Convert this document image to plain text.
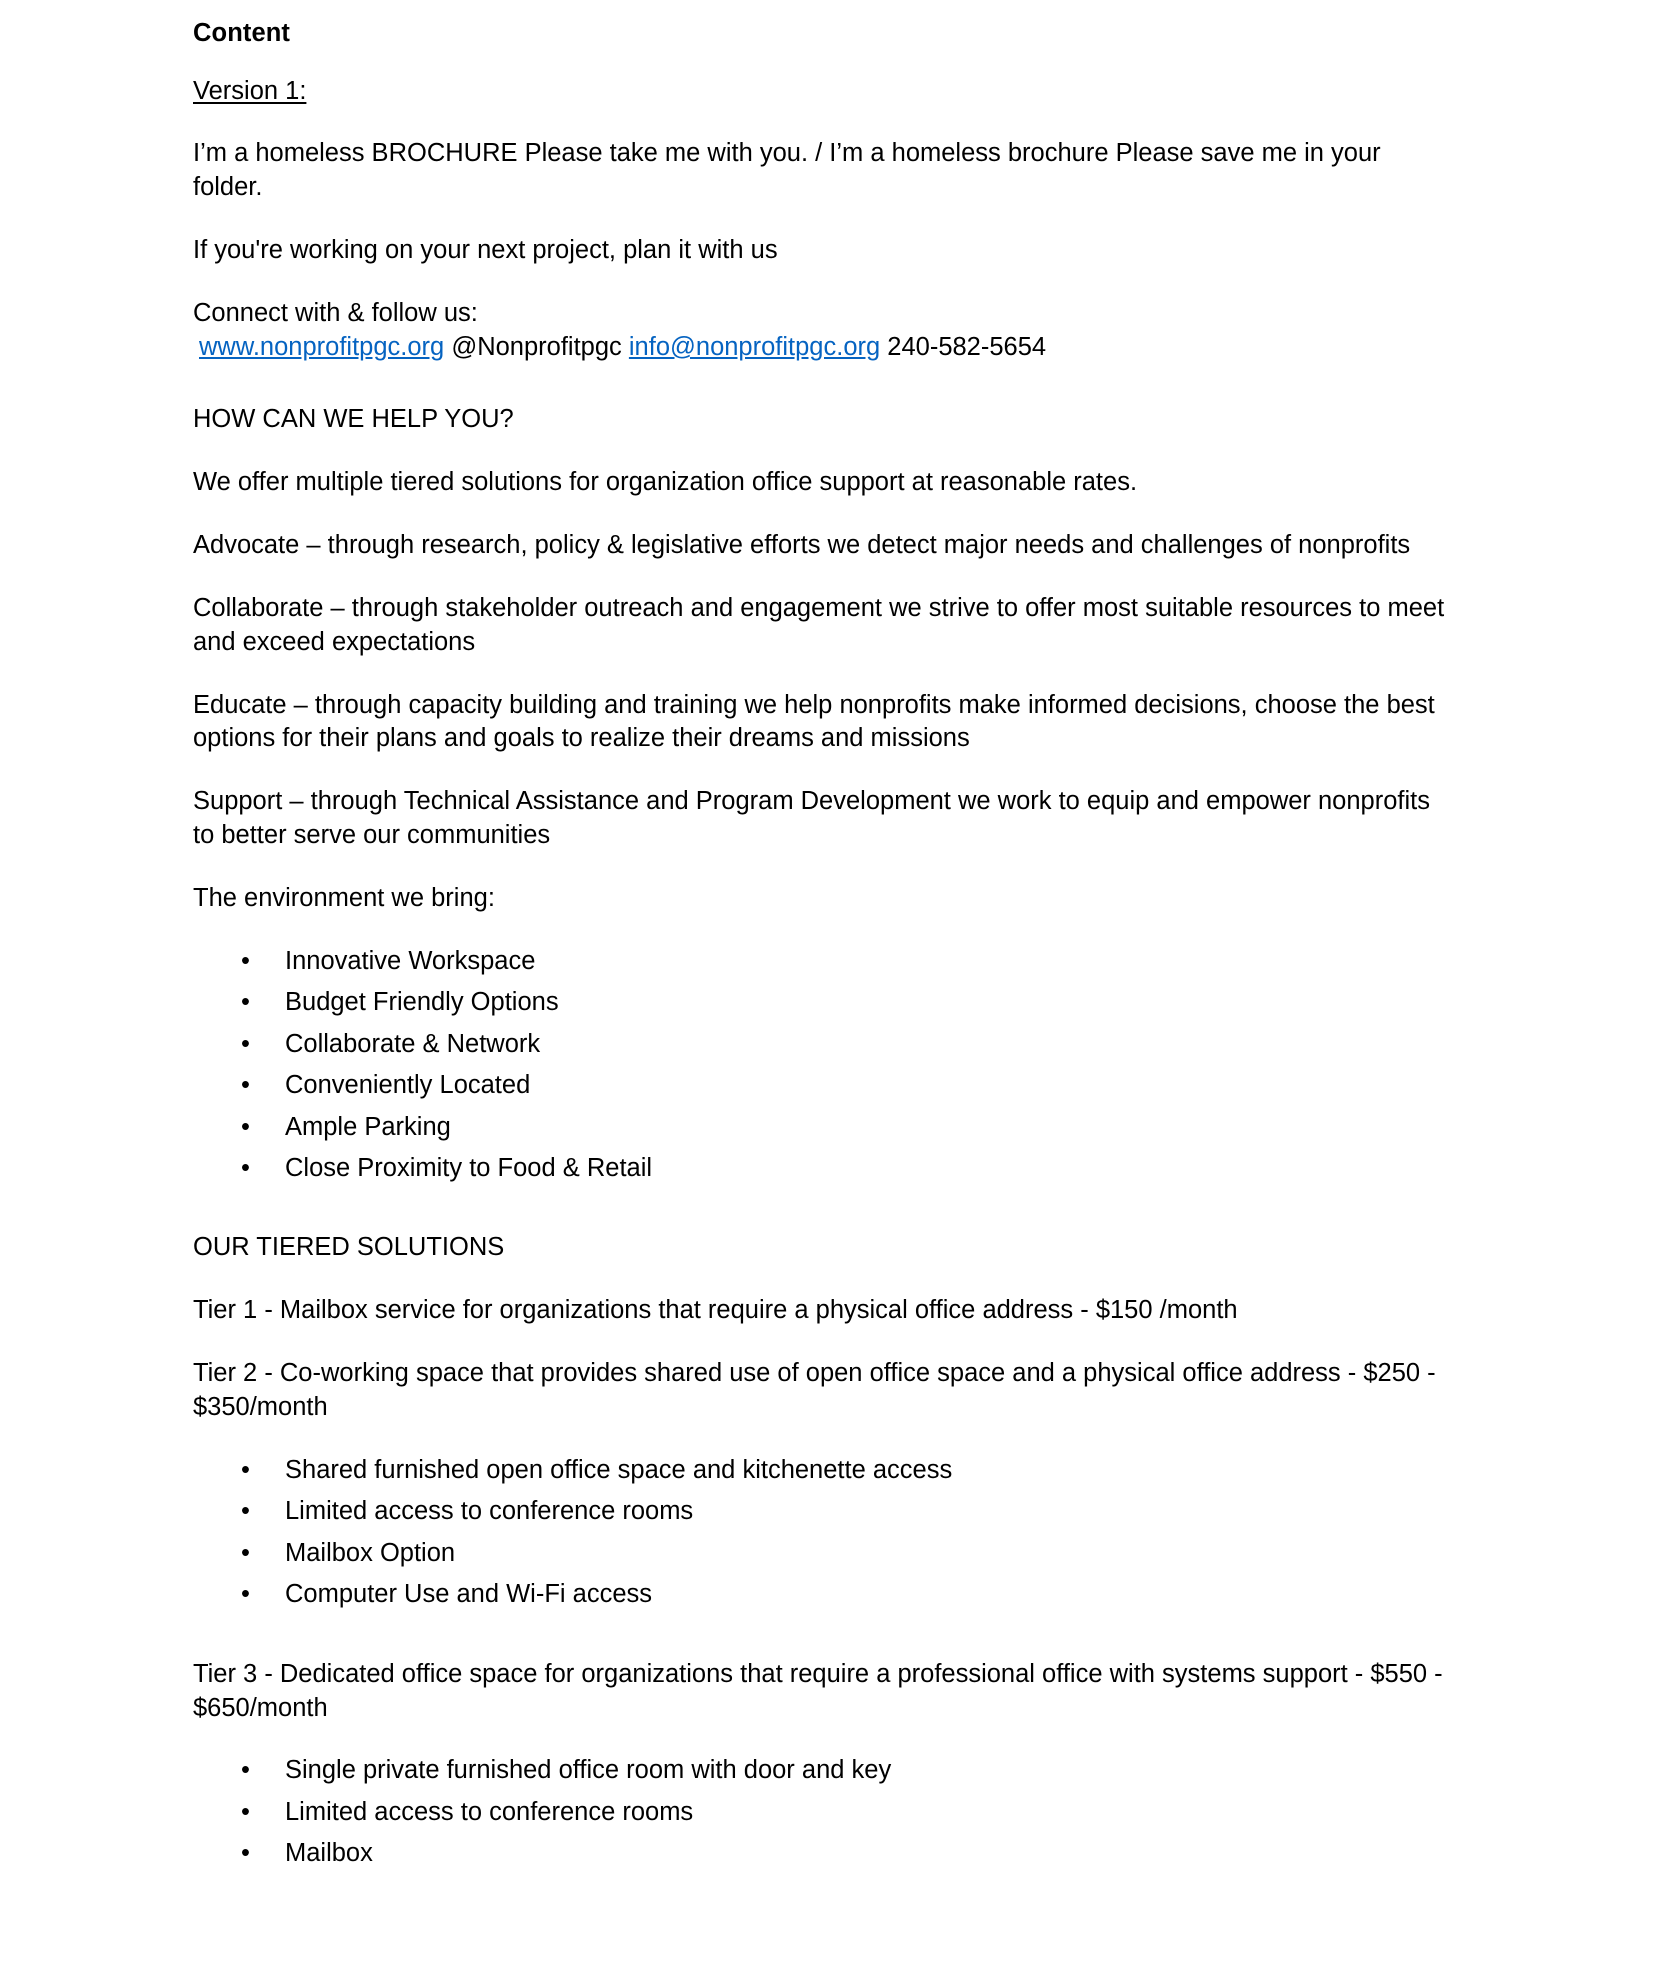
Content
Version 1:

I’m a homeless BROCHURE Please take me with you. / I’m a homeless brochure Please save me in your folder.

If you're working on your next project, plan it with us

Connect with & follow us:

www.nonprofitpgc.org @Nonprofitpgc info@nonprofitpgc.org 240-582-5654
HOW CAN WE HELP YOU?

We offer multiple tiered solutions for organization office support at reasonable rates.

Advocate – through research, policy & legislative efforts we detect major needs and challenges of nonprofits

Collaborate – through stakeholder outreach and engagement we strive to offer most suitable resources to meet and exceed expectations

Educate – through capacity building and training we help nonprofits make informed decisions, choose the best options for their plans and goals to realize their dreams and missions

Support – through Technical Assistance and Program Development we work to equip and empower nonprofits to better serve our communities

The environment we bring:

•	Innovative Workspace
•	Budget Friendly Options
•	Collaborate & Network
•	Conveniently Located
•	Ample Parking
•	Close Proximity to Food & Retail
OUR TIERED SOLUTIONS

Tier 1 - Mailbox service for organizations that require a physical office address - $150 /month

Tier 2 - Co-working space that provides shared use of open office space and a physical office address - $250 - $350/month

•	Shared furnished open office space and kitchenette access
•	Limited access to conference rooms
•	Mailbox Option
•	Computer Use and Wi-Fi access

Tier 3 - Dedicated office space for organizations that require a professional office with systems support - $550 - $650/month

•	Single private furnished office room with door and key
•	Limited access to conference rooms
•	Mailbox
